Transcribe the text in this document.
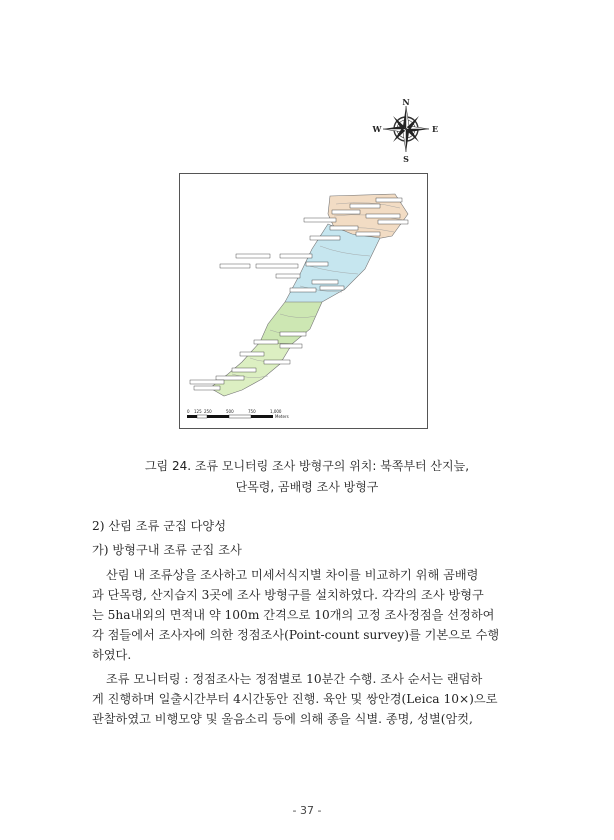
N
S
W	E
0 125 250	500	750	1,000
Meters
그림 24. 조류 모니터링 조사 방형구의 위치: 북쪽부터 산지늪,
단목령, 곰배령 조사 방형구
2) 산림 조류 군집 다양성
가) 방형구내 조류 군집 조사
산림 내 조류상을 조사하고 미세서식지별 차이를 비교하기 위해 곰배령
과 단목령, 산지습지 3곳에 조사 방형구를 설치하였다. 각각의 조사 방형구
는 5ha내외의 면적내 약 100m 간격으로 10개의 고정 조사정점을 선정하여
각 점들에서 조사자에 의한 정점조사(Point-count survey)를 기본으로 수행
하였다.
조류 모니터링 : 정점조사는 정점별로 10분간 수행. 조사 순서는 랜덤하
게 진행하며 일출시간부터 4시간동안 진행. 육안 및 쌍안경(Leica 10×)으로
관찰하였고 비행모양 및 울음소리 등에 의해 종을 식별. 종명, 성별(암컷,
- 37 -
